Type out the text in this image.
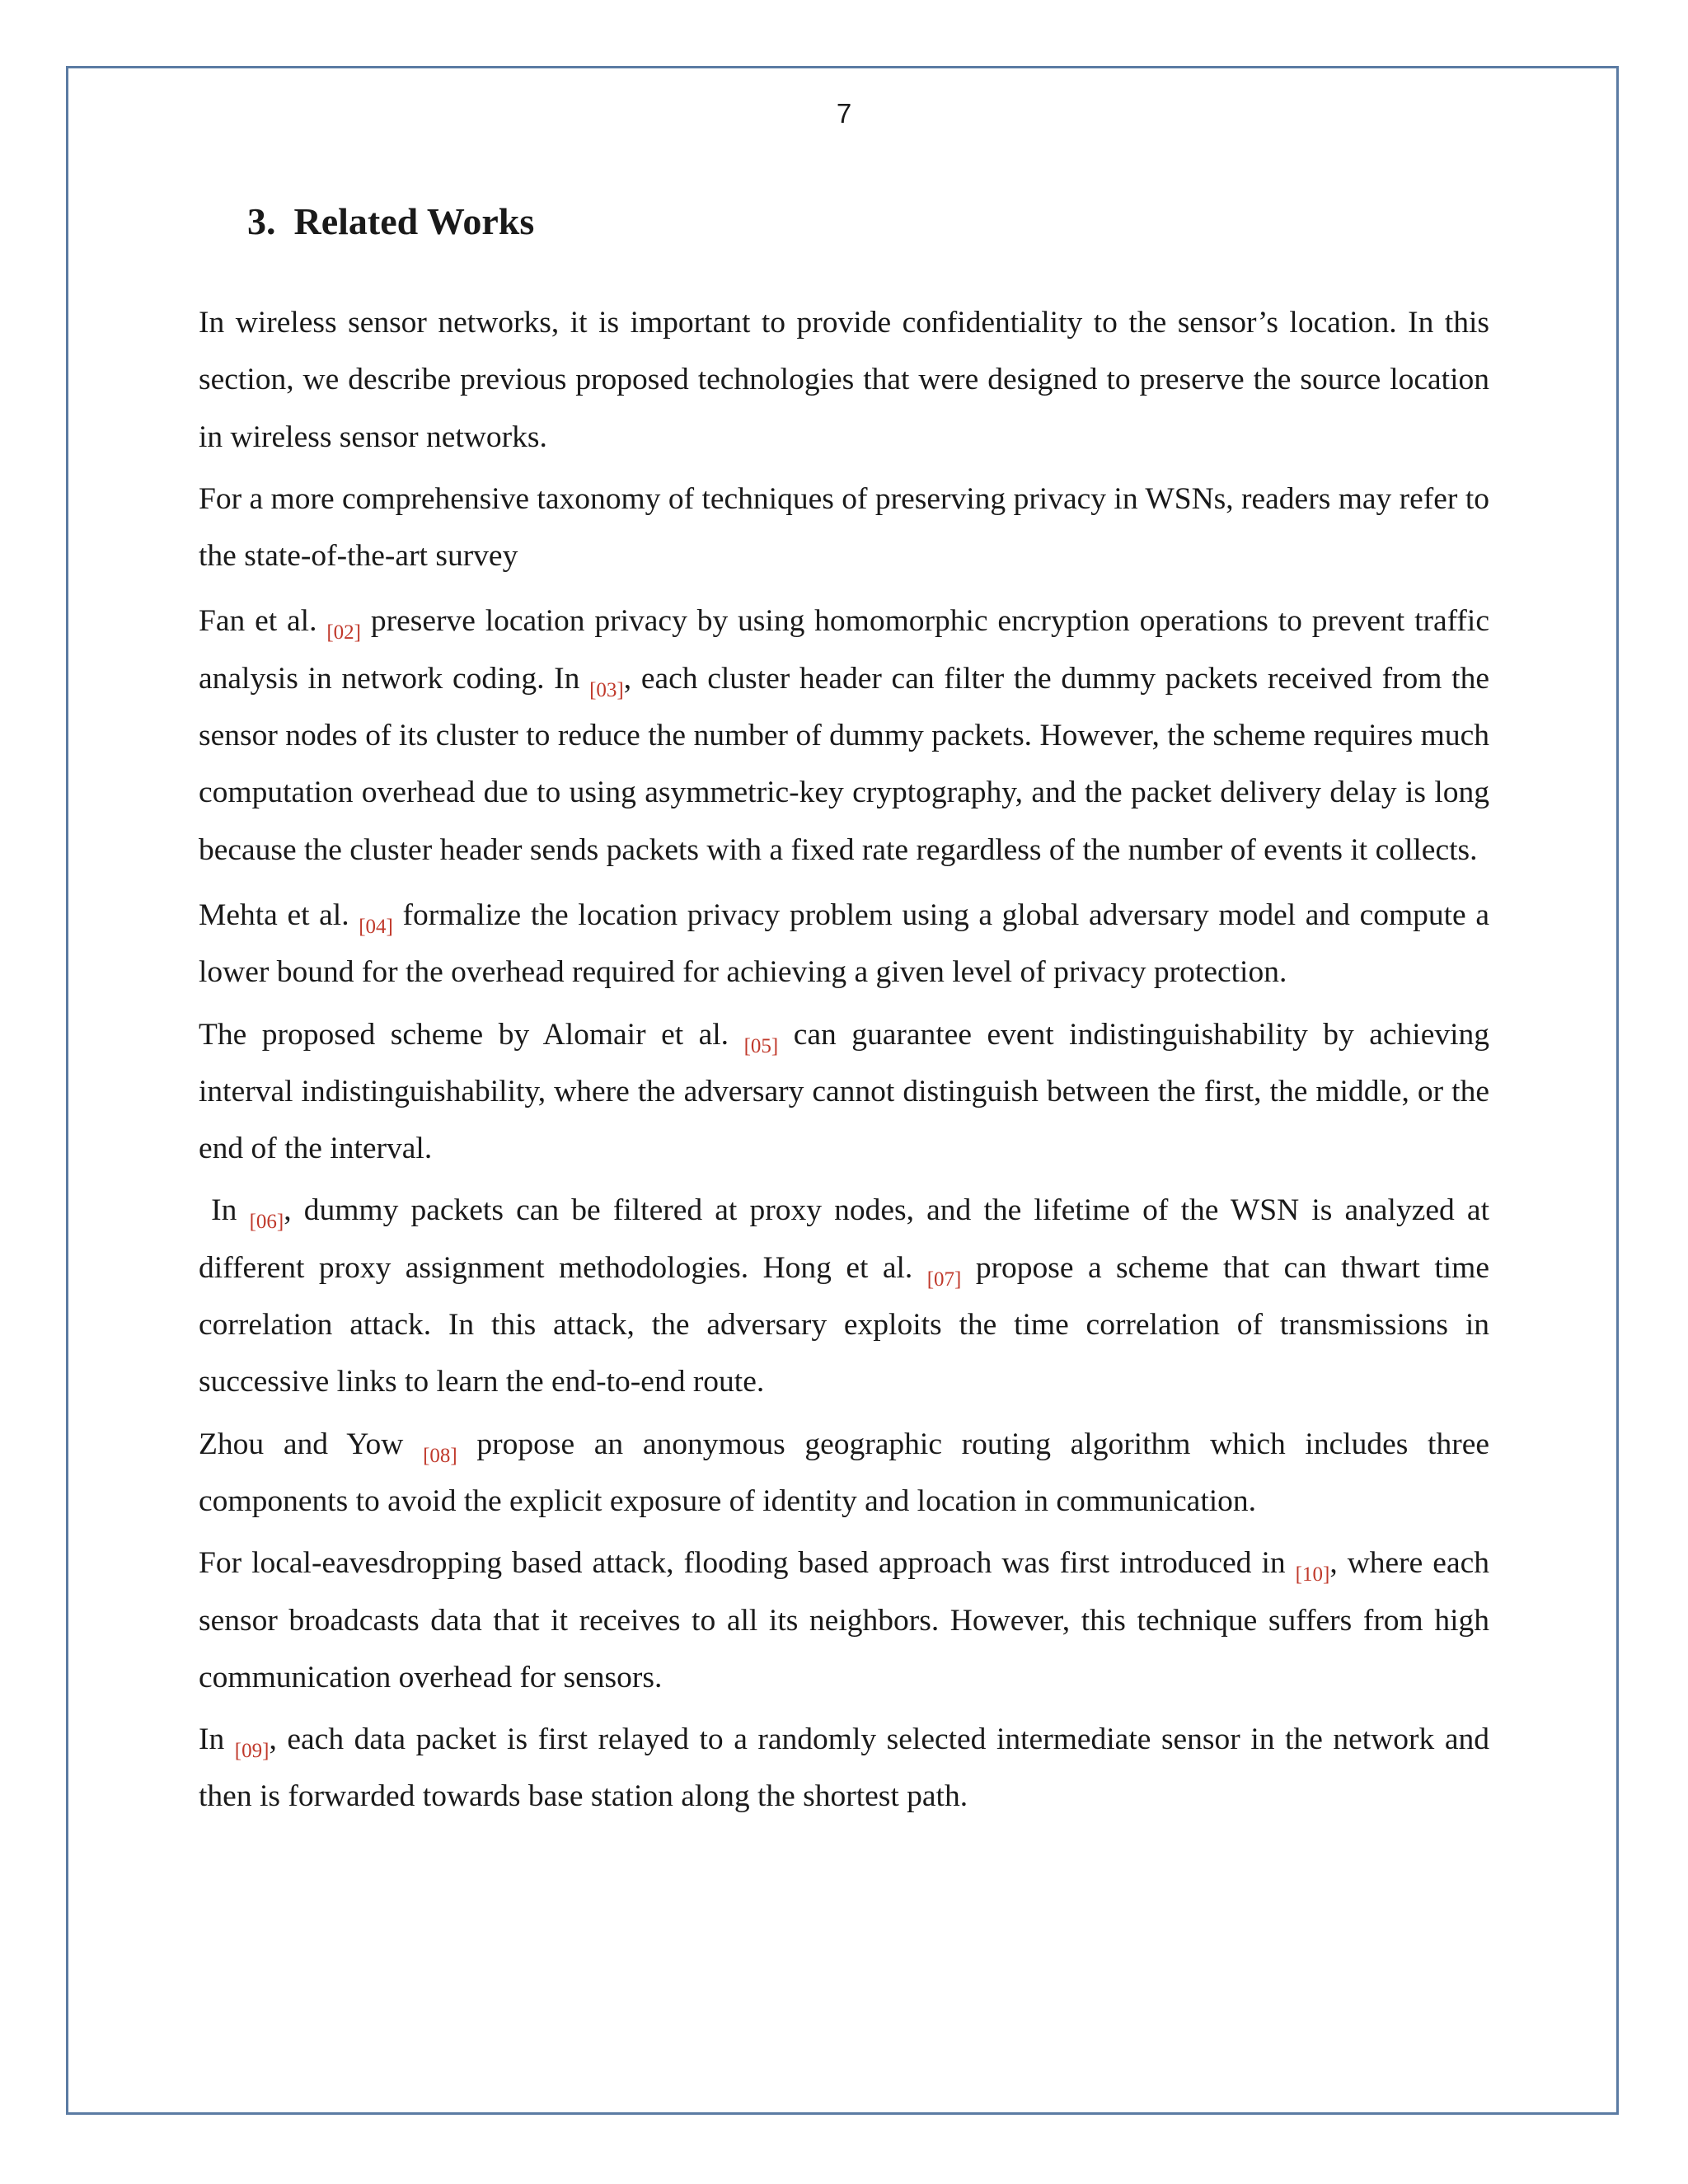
7
3. Related Works

In wireless sensor networks, it is important to provide confidentiality to the sensor’s location. In this section, we describe previous proposed technologies that were designed to preserve the source location in wireless sensor networks.

For a more comprehensive taxonomy of techniques of preserving privacy in WSNs, readers may refer to the state-of-the-art survey

Fan et al. $_{[02]}$ preserve location privacy by using homomorphic encryption operations to prevent traffic analysis in network coding. In $_{[03]}$, each cluster header can filter the dummy packets received from the sensor nodes of its cluster to reduce the number of dummy packets. However, the scheme requires much computation overhead due to using asymmetric-key cryptography, and the packet delivery delay is long because the cluster header sends packets with a fixed rate regardless of the number of events it collects.

Mehta et al. $_{[04]}$ formalize the location privacy problem using a global adversary model and compute a lower bound for the overhead required for achieving a given level of privacy protection.

The proposed scheme by Alomair et al. $_{[05]}$ can guarantee event indistinguishability by achieving interval indistinguishability, where the adversary cannot distinguish between the first, the middle, or the end of the interval.

In $_{[06]}$, dummy packets can be filtered at proxy nodes, and the lifetime of the WSN is analyzed at different proxy assignment methodologies. Hong et al. $_{[07]}$ propose a scheme that can thwart time correlation attack. In this attack, the adversary exploits the time correlation of transmissions in successive links to learn the end-to-end route.

Zhou and Yow $_{[08]}$ propose an anonymous geographic routing algorithm which includes three components to avoid the explicit exposure of identity and location in communication.

For local-eavesdropping based attack, flooding based approach was first introduced in $_{[10]}$, where each sensor broadcasts data that it receives to all its neighbors. However, this technique suffers from high communication overhead for sensors.

In $_{[09]}$, each data packet is first relayed to a randomly selected intermediate sensor in the network and then is forwarded towards base station along the shortest path.
